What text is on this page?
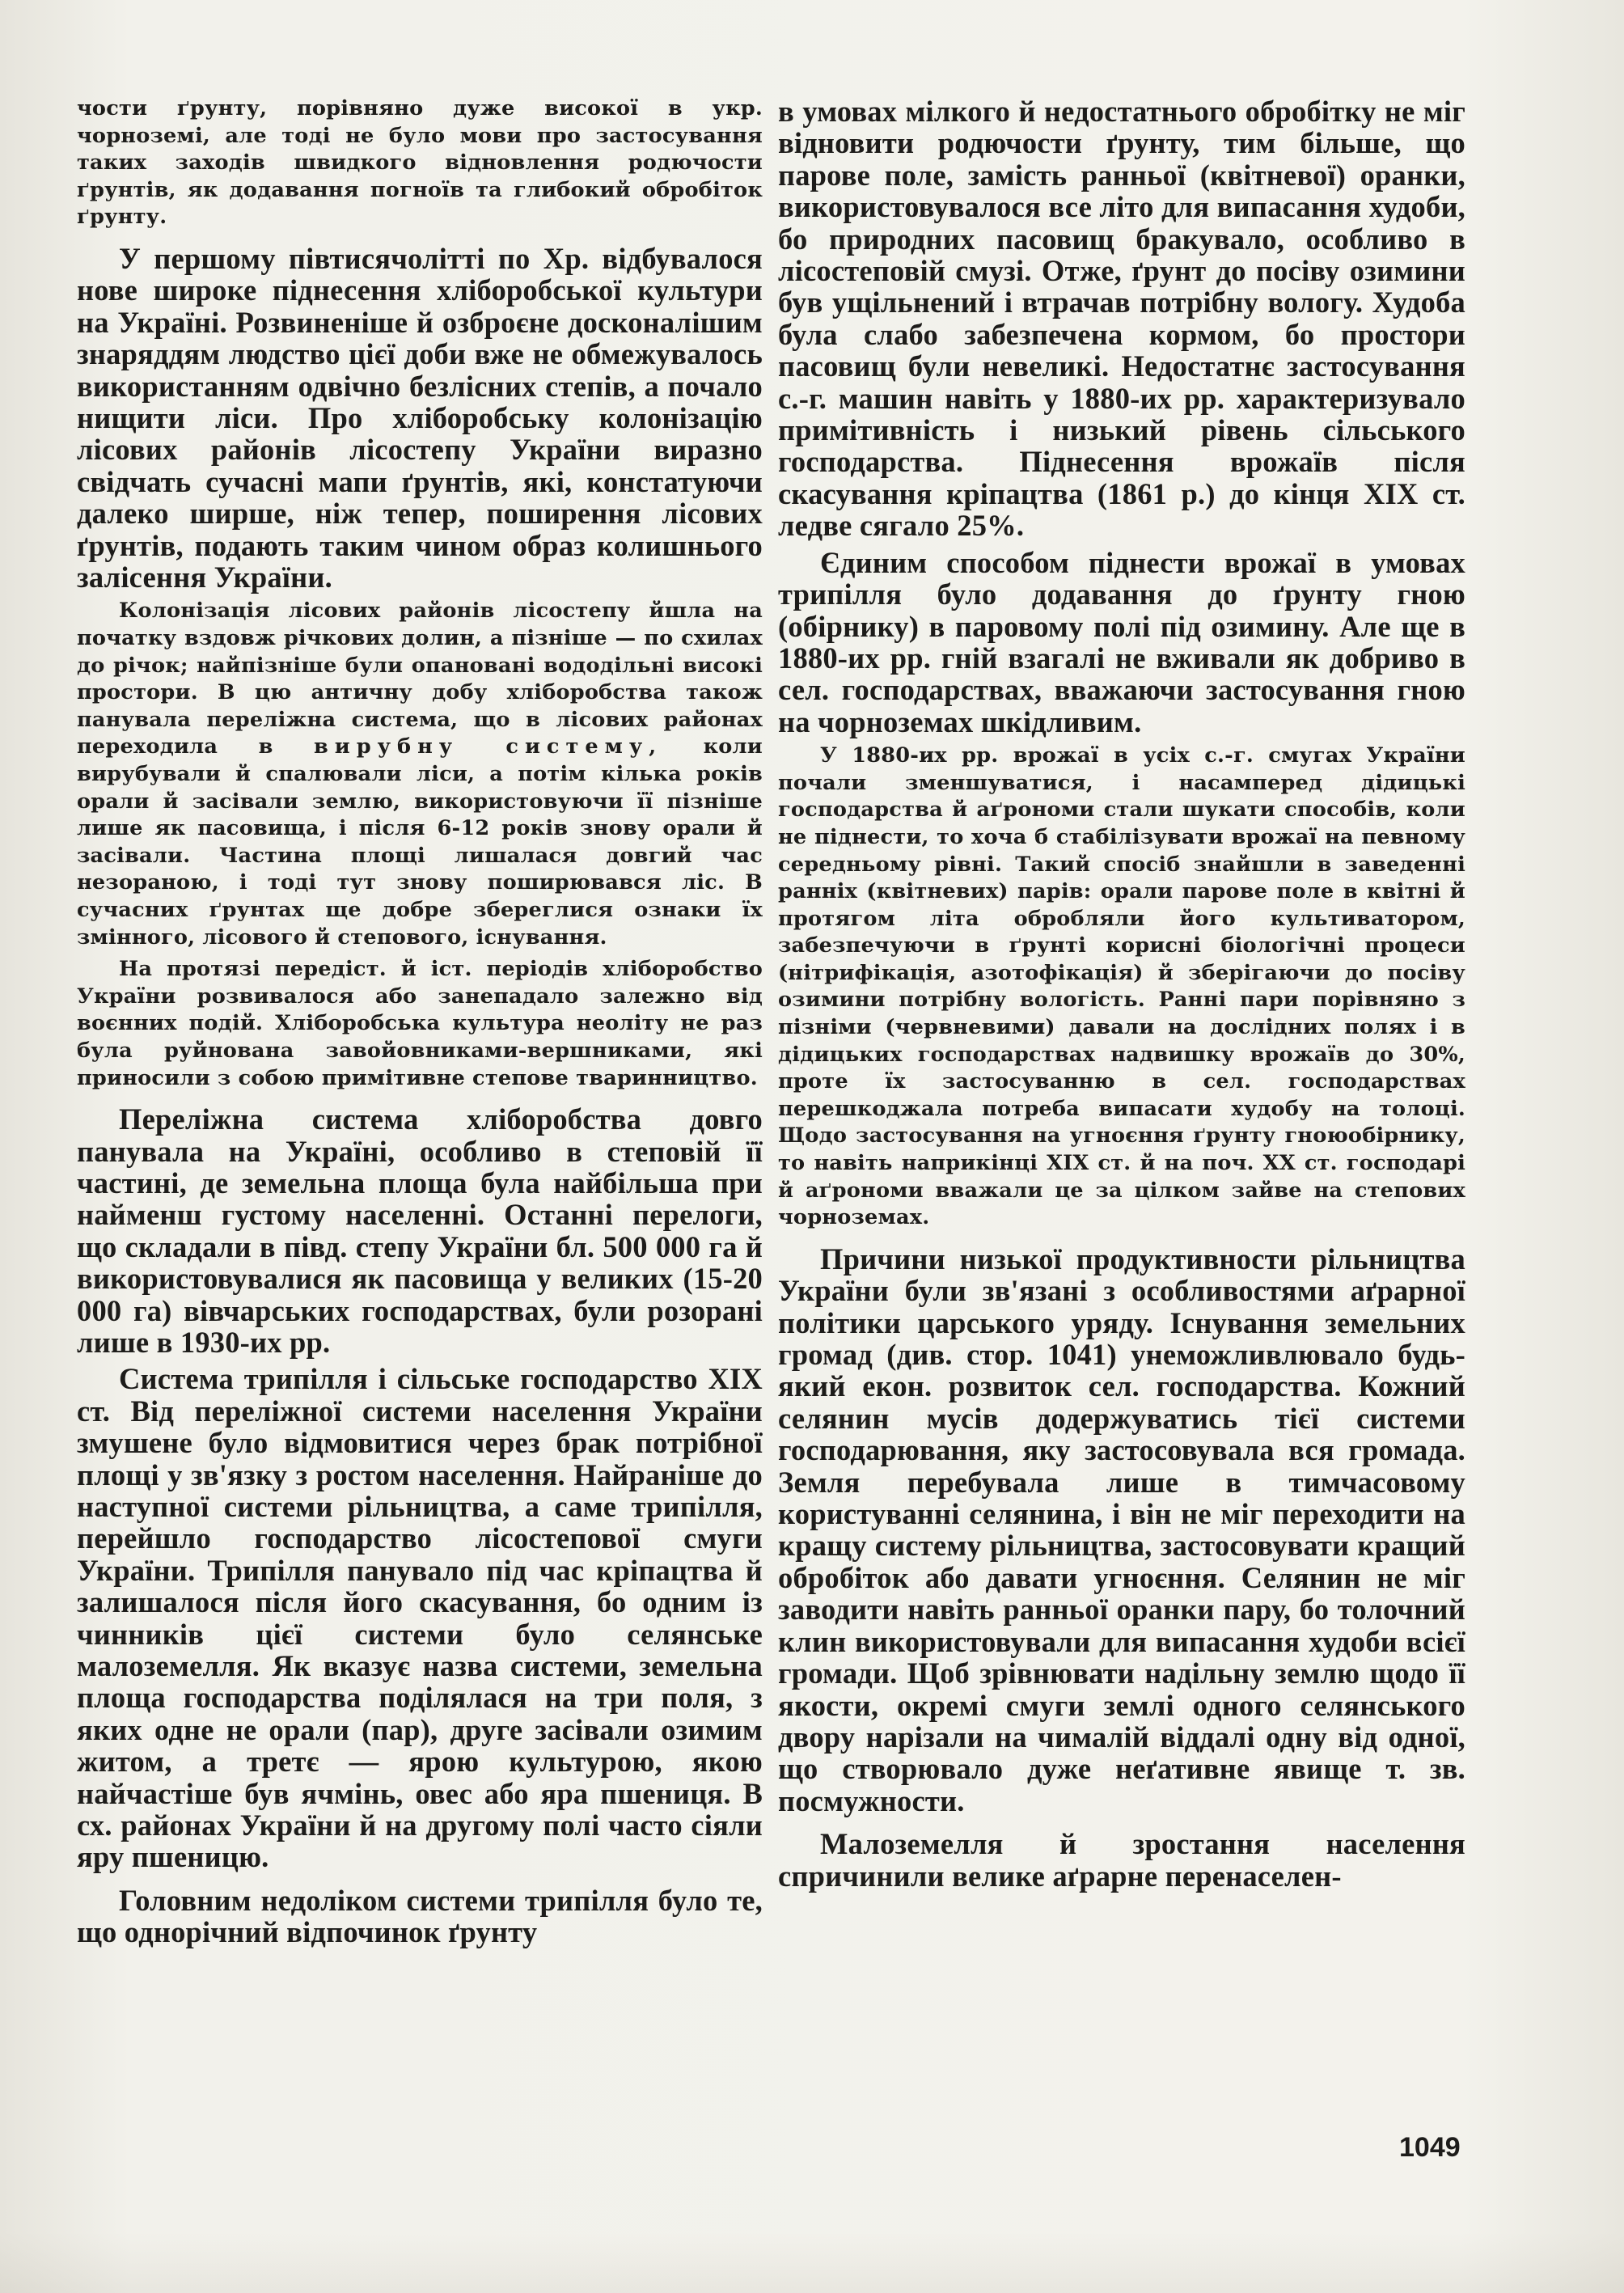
чости ґрунту, порівняно дуже високої в укр. чорноземі, але тоді не було мови про застосування таких заходів швидкого відновлення родючости ґрунтів, як додавання погноїв та глибокий обробіток ґрунту.

У першому півтисячолітті по Хр. відбувалося нове широке піднесення хліборобської культури на Україні. Розвиненіше й озброєне досконалішим знаряддям людство цієї доби вже не обмежувалось використанням одвічно безлісних степів, а почало нищити ліси. Про хліборобську колонізацію лісових районів лісостепу України виразно свідчать сучасні мапи ґрунтів, які, констатуючи далеко ширше, ніж тепер, поширення лісових ґрунтів, подають таким чином образ колишнього залісення України.

Колонізація лісових районів лісостепу йшла на початку вздовж річкових долин, а пізніше — по схилах до річок; найпізніше були опановані вододільні високі простори. В цю античну добу хліборобства також панувала переліжна система, що в лісових районах переходила в вирубну систему, коли вирубували й спалювали ліси, а потім кілька років орали й засівали землю, використовуючи її пізніше лише як пасовища, і після 6-12 років знову орали й засівали. Частина площі лишалася довгий час незораною, і тоді тут знову поширювався ліс. В сучасних ґрунтах ще добре збереглися ознаки їх змінного, лісового й степового, існування.

На протязі передіст. й іст. періодів хліборобство України розвивалося або занепадало залежно від воєнних подій. Хліборобська культура неоліту не раз була руйнована завойовниками-вершниками, які приносили з собою примітивне степове тваринництво.

Переліжна система хліборобства довго панувала на Україні, особливо в степовій її частині, де земельна площа була найбільша при найменш густому населенні. Останні перелоги, що складали в півд. степу України бл. 500 000 га й використовувалися як пасовища у великих (15-20 000 га) вівчарських господарствах, були розорані лише в 1930-их рр.

Система трипілля і сільське господарство XIX ст. Від переліжної системи населення України змушене було відмовитися через брак потрібної площі у зв'язку з ростом населення. Найраніше до наступної системи рільництва, а саме трипілля, перейшло господарство лісостепової смуги України. Трипілля панувало під час кріпацтва й залишалося після його скасування, бо одним із чинників цієї системи було селянське малоземелля. Як вказує назва системи, земельна площа господарства поділялася на три поля, з яких одне не орали (пар), друге засівали озимим житом, а третє — ярою культурою, якою найчастіше був ячмінь, овес або яра пшениця. В сх. районах України й на другому полі часто сіяли яру пшеницю.

Головним недоліком системи трипілля було те, що однорічний відпочинок ґрунту

в умовах мілкого й недостатнього обробітку не міг відновити родючости ґрунту, тим більше, що парове поле, замість ранньої (квітневої) оранки, використовувалося все літо для випасання худоби, бо природних пасовищ бракувало, особливо в лісостеповій смузі. Отже, ґрунт до посіву озимини був ущільнений і втрачав потрібну вологу. Худоба була слабо забезпечена кормом, бо простори пасовищ були невеликі. Недостатнє застосування с.-г. машин навіть у 1880-их рр. характеризувало примітивність і низький рівень сільського господарства. Піднесення врожаїв після скасування кріпацтва (1861 р.) до кінця XIX ст. ледве сягало 25%.

Єдиним способом піднести врожаї в умовах трипілля було додавання до ґрунту гною (обірнику) в паровому полі під озимину. Але ще в 1880-их рр. гній взагалі не вживали як добриво в сел. господарствах, вважаючи застосування гною на чорноземах шкідливим.

У 1880-их рр. врожаї в усіх с.-г. смугах України почали зменшуватися, і насамперед дідицькі господарства й аґрономи стали шукати способів, коли не піднести, то хоча б стабілізувати врожаї на певному середньому рівні. Такий спосіб знайшли в заведенні ранніх (квітневих) парів: орали парове поле в квітні й протягом літа обробляли його культиватором, забезпечуючи в ґрунті корисні біологічні процеси (нітрифікація, азотофікація) й зберігаючи до посіву озимини потрібну вологість. Ранні пари порівняно з пізніми (червневими) давали на дослідних полях і в дідицьких господарствах надвишку врожаїв до 30%, проте їх застосуванню в сел. господарствах перешкоджала потреба випасати худобу на толоці. Щодо застосування на угноєння ґрунту гноюобірнику, то навіть наприкінці XIX ст. й на поч. XX ст. господарі й аґрономи вважали це за цілком зайве на степових чорноземах.

Причини низької продуктивности рільництва України були зв'язані з особливостями аґрарної політики царського уряду. Існування земельних громад (див. стор. 1041) унеможливлювало будь-який екон. розвиток сел. господарства. Кожний селянин мусів додержуватись тієї системи господарювання, яку застосовувала вся громада. Земля перебувала лише в тимчасовому користуванні селянина, і він не міг переходити на кращу систему рільництва, застосовувати кращий обробіток або давати угноєння. Селянин не міг заводити навіть ранньої оранки пару, бо толочний клин використовували для випасання худоби всієї громади. Щоб зрівнювати надільну землю щодо її якости, окремі смуги землі одного селянського двору нарізали на чималій віддалі одну від одної, що створювало дуже неґативне явище т. зв. посмужности.

Малоземелля й зростання населення спричинили велике аґрарне перенаселен-

1049
